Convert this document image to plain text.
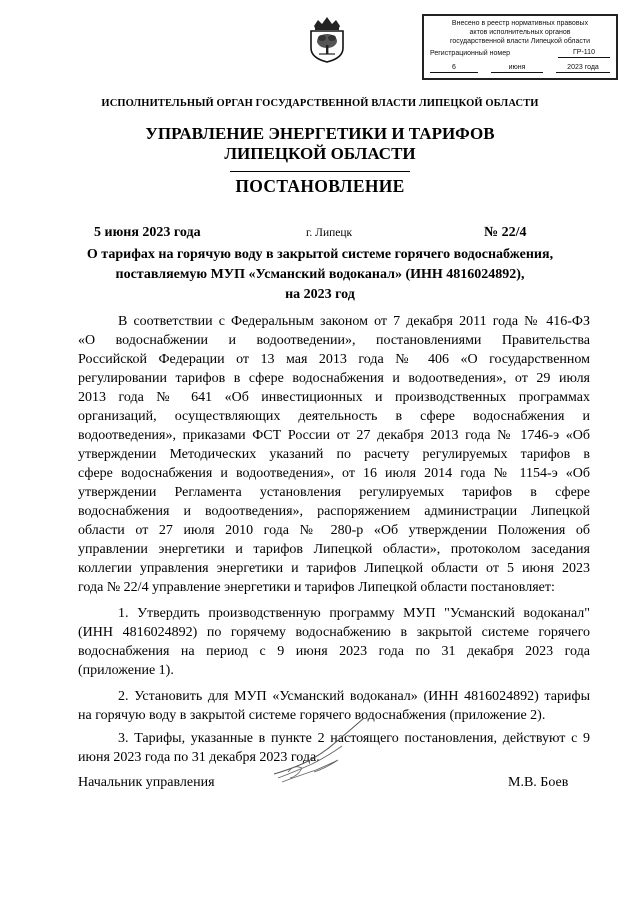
Внесено в реестр нормативных правовых
актов исполнительных органов
государственной власти Липецкой области
Регистрационный номер	ГР-110
6	июня	2023 года
ИСПОЛНИТЕЛЬНЫЙ ОРГАН ГОСУДАРСТВЕННОЙ ВЛАСТИ ЛИПЕЦКОЙ ОБЛАСТИ
УПРАВЛЕНИЕ ЭНЕРГЕТИКИ И ТАРИФОВ
ЛИПЕЦКОЙ ОБЛАСТИ
ПОСТАНОВЛЕНИЕ
5 июня 2023 года	г. Липецк	№ 22/4
О тарифах на горячую воду в закрытой системе горячего водоснабжения,
поставляемую МУП «Усманский водоканал» (ИНН 4816024892),
на 2023 год
В соответствии с Федеральным законом от 7 декабря 2011 года № 416-ФЗ
«О водоснабжении и водоотведении», постановлениями Правительства
Российской Федерации от 13 мая 2013 года № 406 «О государственном
регулировании тарифов в сфере водоснабжения и водоотведения», от 29 июля
2013 года № 641 «Об инвестиционных и производственных программах
организаций, осуществляющих деятельность в сфере водоснабжения и
водоотведения», приказами ФСТ России от 27 декабря 2013 года № 1746-э «Об
утверждении Методических указаний по расчету регулируемых тарифов в
сфере водоснабжения и водоотведения», от 16 июля 2014 года № 1154-э «Об
утверждении Регламента установления регулируемых тарифов в сфере
водоснабжения и водоотведения», распоряжением администрации Липецкой
области от 27 июля 2010 года № 280-р «Об утверждении Положения об
управлении энергетики и тарифов Липецкой области», протоколом заседания
коллегии управления энергетики и тарифов Липецкой области от 5 июня 2023
года № 22/4 управление энергетики и тарифов Липецкой области постановляет:
1. Утвердить производственную программу МУП "Усманский водоканал"
(ИНН 4816024892) по горячему водоснабжению в закрытой системе горячего
водоснабжения на период с 9 июня 2023 года по 31 декабря 2023 года
(приложение 1).
2. Установить для МУП «Усманский водоканал» (ИНН 4816024892) тарифы
на горячую воду в закрытой системе горячего водоснабжения (приложение 2).
3. Тарифы, указанные в пункте 2 настоящего постановления, действуют с 9
июня 2023 года по 31 декабря 2023 года.
Начальник управления	М.В. Боев
